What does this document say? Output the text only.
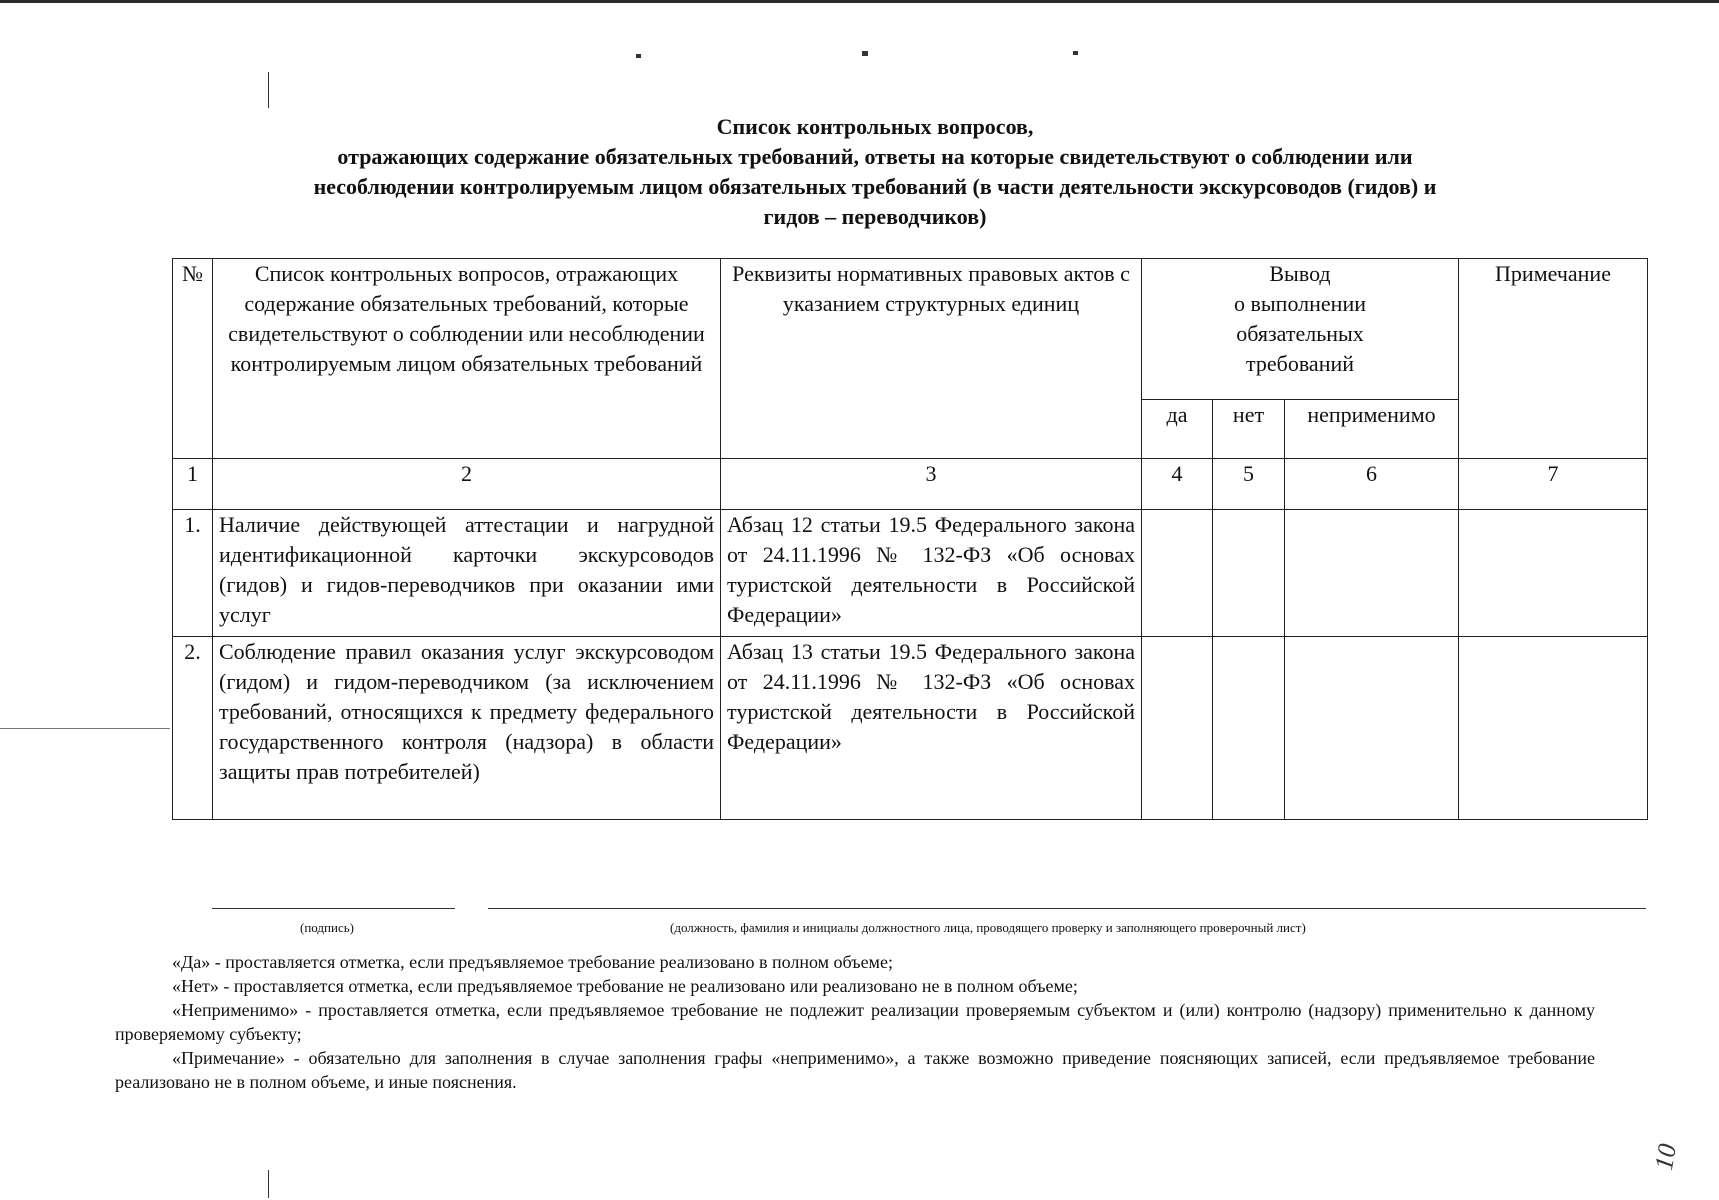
Список контрольных вопросов,
отражающих содержание обязательных требований, ответы на которые свидетельствуют о соблюдении или
несоблюдении контролируемым лицом обязательных требований (в части деятельности экскурсоводов (гидов) и
гидов – переводчиков)
№	Список контрольных вопросов, отражающих содержание обязательных требований, которые свидетельствуют о соблюдении или несоблюдении контролируемым лицом обязательных требований	Реквизиты нормативных правовых актов с указанием структурных единиц	Вывод
о выполнении
обязательных
требований			Примечание
			да	нет	неприменимо	
1	2	3	4	5	6	7
1.	Наличие действующей аттестации и нагрудной идентификационной карточки экскурсоводов (гидов) и гидов-переводчиков при оказании ими услуг	Абзац 12 статьи 19.5 Федерального закона от 24.11.1996 № 132-ФЗ «Об основах туристской деятельности в Российской Федерации»				
2.	Соблюдение правил оказания услуг экскурсоводом (гидом) и гидом-переводчиком (за исключением требований, относящихся к предмету федерального государственного контроля (надзора) в области защиты прав потребителей)	Абзац 13 статьи 19.5 Федерального закона от 24.11.1996 № 132-ФЗ «Об основах туристской деятельности в Российской Федерации»				
(подпись)	(должность, фамилия и инициалы должностного лица, проводящего проверку и заполняющего проверочный лист)

«Да» - проставляется отметка, если предъявляемое требование реализовано в полном объеме;

«Нет» - проставляется отметка, если предъявляемое требование не реализовано или реализовано не в полном объеме;

«Неприменимо» - проставляется отметка, если предъявляемое требование не подлежит реализации проверяемым субъектом и (или) контролю (надзору) применительно к данному проверяемому субъекту;

«Примечание» - обязательно для заполнения в случае заполнения графы «неприменимо», а также возможно приведение поясняющих записей, если предъявляемое требование реализовано не в полном объеме, и иные пояснения.

10
